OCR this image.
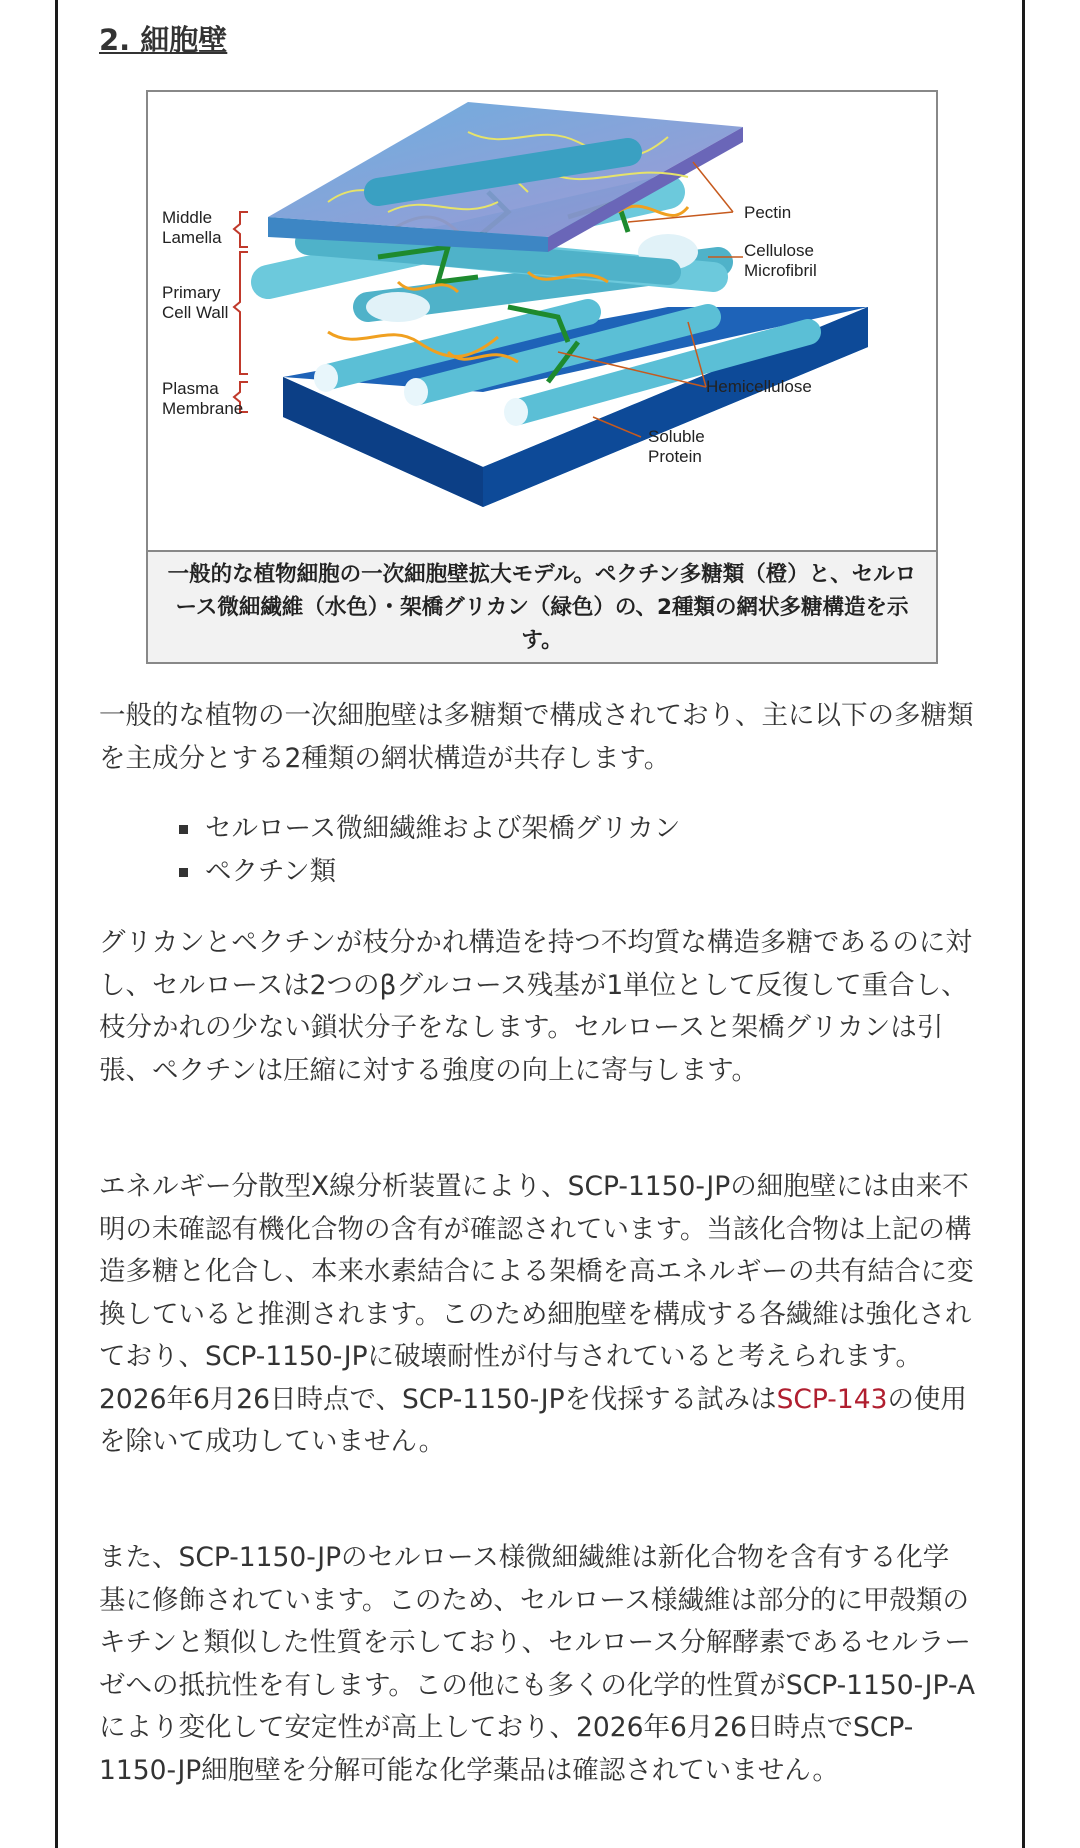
2. 細胞壁
Middle
Lamella
Primary
Cell Wall
Plasma
Membrane
Pectin
Cellulose
Microfibril
Hemicellulose
Soluble
Protein
一般的な植物細胞の一次細胞壁拡大モデル。ペクチン多糖類（橙）と、セルロース微細繊維（水色）・架橋グリカン（緑色）の、2種類の網状多糖構造を示す。

一般的な植物の一次細胞壁は多糖類で構成されており、主に以下の多糖類を主成分とする2種類の網状構造が共存します。

セルロース微細繊維および架橋グリカン
ペクチン類

グリカンとペクチンが枝分かれ構造を持つ不均質な構造多糖であるのに対し、セルロースは2つのβグルコース残基が1単位として反復して重合し、枝分かれの少ない鎖状分子をなします。セルロースと架橋グリカンは引張、ペクチンは圧縮に対する強度の向上に寄与します。

エネルギー分散型X線分析装置により、SCP-1150-JPの細胞壁には由来不明の未確認有機化合物の含有が確認されています。当該化合物は上記の構造多糖と化合し、本来水素結合による架橋を高エネルギーの共有結合に変換していると推測されます。このため細胞壁を構成する各繊維は強化されており、SCP-1150-JPに破壊耐性が付与されていると考えられます。2026年6月26日時点で、SCP-1150-JPを伐採する試みはSCP-143の使用を除いて成功していません。

また、SCP-1150-JPのセルロース様微細繊維は新化合物を含有する化学基に修飾されています。このため、セルロース様繊維は部分的に甲殻類のキチンと類似した性質を示しており、セルロース分解酵素であるセルラーゼへの抵抗性を有します。この他にも多くの化学的性質がSCP-1150-JP-Aにより変化して安定性が高上しており、2026年6月26日時点でSCP-1150-JP細胞壁を分解可能な化学薬品は確認されていません。
